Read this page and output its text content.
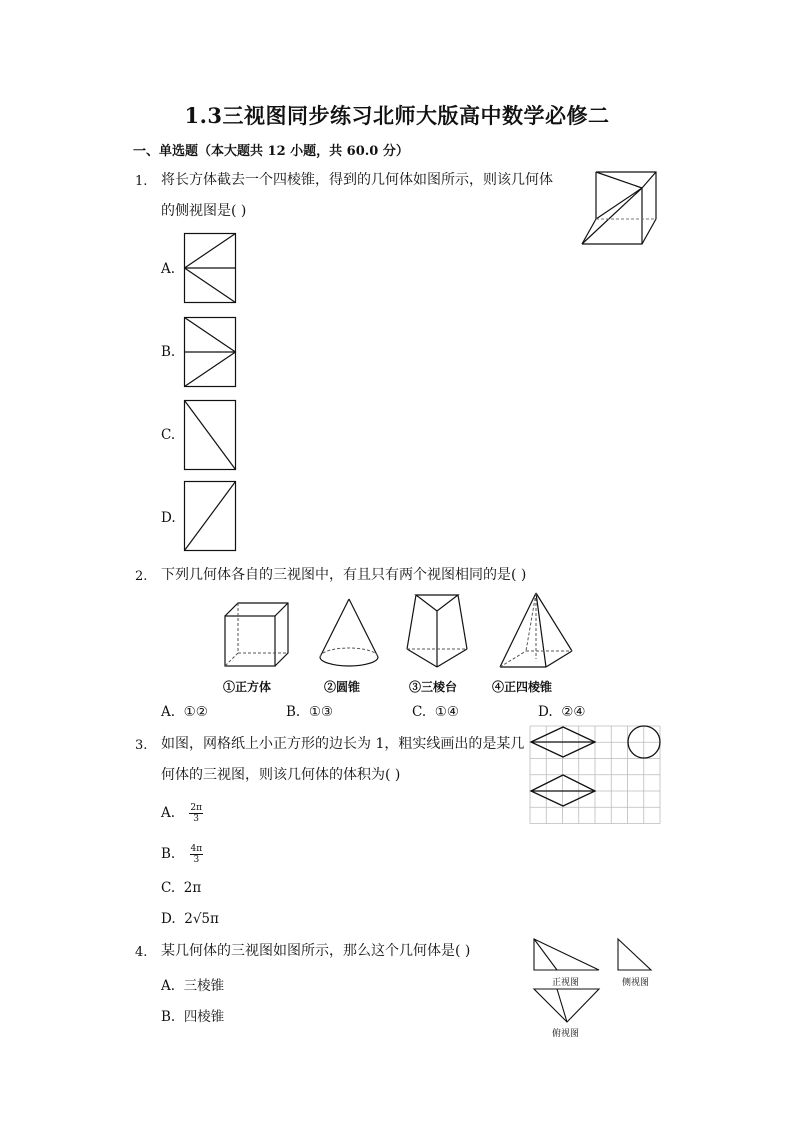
1.3三视图同步练习北师大版高中数学必修二
一、单选题（本大题共 12 小题，共 60.0 分）
1. 将长方体截去一个四棱锥，得到的几何体如图所示，则该几何体
的侧视图是( )
A.
B.
C.
D.
2. 下列几何体各自的三视图中，有且只有两个视图相同的是( )
①正方体	②圆锥	③三棱台	④正四棱锥
A. ①②	B. ①③	C. ①④	D. ②④
3. 如图，网格纸上小正方形的边长为 1，粗实线画出的是某几
何体的三视图，则该几何体的体积为( )
A. $\frac{2\pi}{3}$
B. $\frac{4\pi}{3}$
C. 2π
D. 2√5π
4. 某几何体的三视图如图所示，那么这个几何体是( )
正视图	侧视图
俯视图
A. 三棱锥
B. 四棱锥
